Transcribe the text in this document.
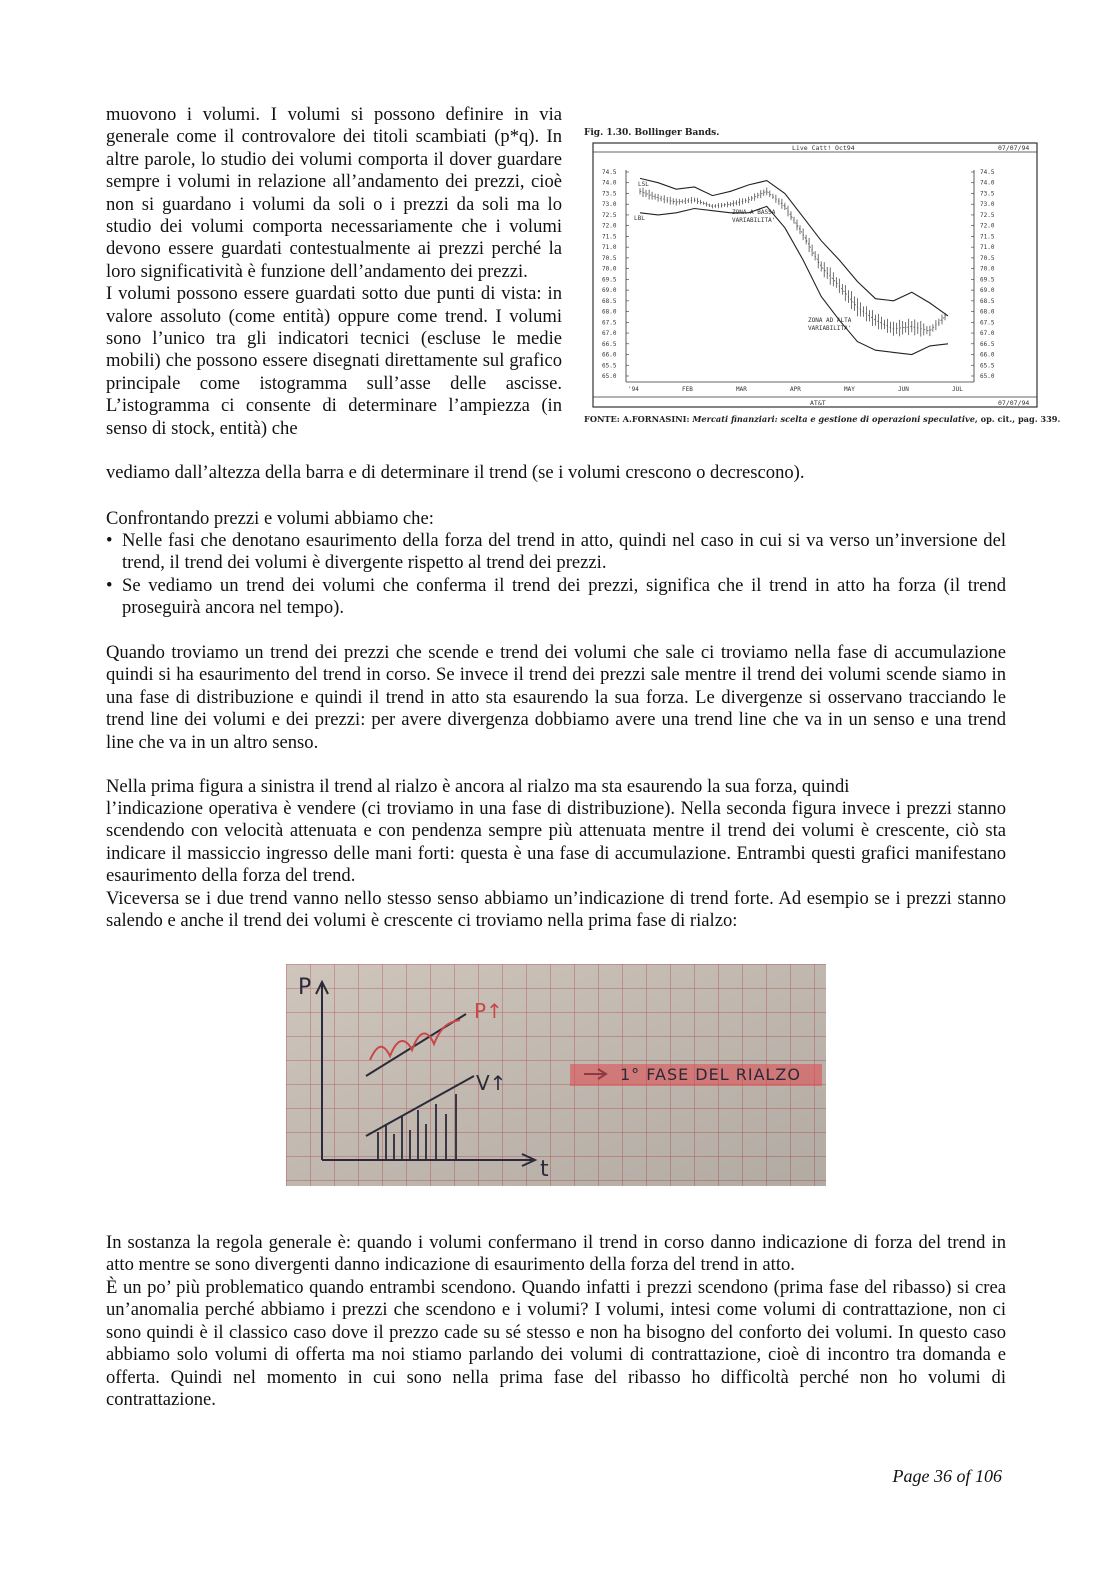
muovono i volumi. I volumi si possono definire in via generale come il controvalore dei titoli scambiati (p*q). In altre parole, lo studio dei volumi comporta il dover guardare sempre i volumi in relazione all’andamento dei prezzi, cioè non si guardano i volumi da soli o i prezzi da soli ma lo studio dei volumi comporta necessariamente che i volumi devono essere guardati contestualmente ai prezzi perché la loro significatività è funzione dell’andamento dei prezzi.
I volumi possono essere guardati sotto due punti di vista: in valore assoluto (come entità) oppure come trend. I volumi sono l’unico tra gli indicatori tecnici (escluse le medie mobili) che possono essere disegnati direttamente sul grafico principale come istogramma sull’asse delle ascisse. L’istogramma ci consente di determinare l’ampiezza (in senso di stock, entità) che
vediamo dall’altezza della barra e di determinare il trend (se i volumi crescono o decrescono).
Fig. 1.30. Bollinger Bands.
Live Catt! Oct94	07/07/94
AT&T	07/07/94
74.5
74.0
73.5
73.0
72.5
72.0
71.5
71.0
70.5
70.0
69.5
69.0
68.5
68.0
67.5
67.0
66.5
66.0
65.5
65.0
74.5
74.0
73.5
73.0
72.5
72.0
71.5
71.0
70.5
70.0
69.5
69.0
68.5
68.0
67.5
67.0
66.5
66.0
65.5
65.0
'94	FEB	MAR	APR	MAY	JUN	JUL
LSL
LBL
ZONA A BASSA
VARIABILITA'
ZONA AD ALTA
VARIABILITA'
FONTE: A.FORNASINI: Mercati finanziari: scelta e gestione di operazioni speculative, op. cit., pag. 339.
Confrontando prezzi e volumi abbiamo che:
• Nelle fasi che denotano esaurimento della forza del trend in atto, quindi nel caso in cui si va verso un’inversione del trend, il trend dei volumi è divergente rispetto al trend dei prezzi.
• Se vediamo un trend dei volumi che conferma il trend dei prezzi, significa che il trend in atto ha forza (il trend proseguirà ancora nel tempo).
Quando troviamo un trend dei prezzi che scende e trend dei volumi che sale ci troviamo nella fase di accumulazione quindi si ha esaurimento del trend in corso. Se invece il trend dei prezzi sale mentre il trend dei volumi scende siamo in una fase di distribuzione e quindi il trend in atto sta esaurendo la sua forza. Le divergenze si osservano tracciando le trend line dei volumi e dei prezzi: per avere divergenza dobbiamo avere una trend line che va in un senso e una trend line che va in un altro senso.
Nella prima figura a sinistra il trend al rialzo è ancora al rialzo ma sta esaurendo la sua forza, quindi
l’indicazione operativa è vendere (ci troviamo in una fase di distribuzione). Nella seconda figura invece i prezzi stanno scendendo con velocità attenuata e con pendenza sempre più attenuata mentre il trend dei volumi è crescente, ciò sta indicare il massiccio ingresso delle mani forti: questa è una fase di accumulazione. Entrambi questi grafici manifestano esaurimento della forza del trend.
Viceversa se i due trend vanno nello stesso senso abbiamo un’indicazione di trend forte. Ad esempio se i prezzi stanno salendo e anche il trend dei volumi è crescente ci troviamo nella prima fase di rialzo:
P
t
P↑
V↑	1° FASE DEL RIALZO
In sostanza la regola generale è: quando i volumi confermano il trend in corso danno indicazione di forza del trend in atto mentre se sono divergenti danno indicazione di esaurimento della forza del trend in atto.
È un po’ più problematico quando entrambi scendono. Quando infatti i prezzi scendono (prima fase del ribasso) si crea un’anomalia perché abbiamo i prezzi che scendono e i volumi? I volumi, intesi come volumi di contrattazione, non ci sono quindi è il classico caso dove il prezzo cade su sé stesso e non ha bisogno del conforto dei volumi. In questo caso abbiamo solo volumi di offerta ma noi stiamo parlando dei volumi di contrattazione, cioè di incontro tra domanda e offerta. Quindi nel momento in cui sono nella prima fase del ribasso ho difficoltà perché non ho volumi di contrattazione.
Page 36 of 106
